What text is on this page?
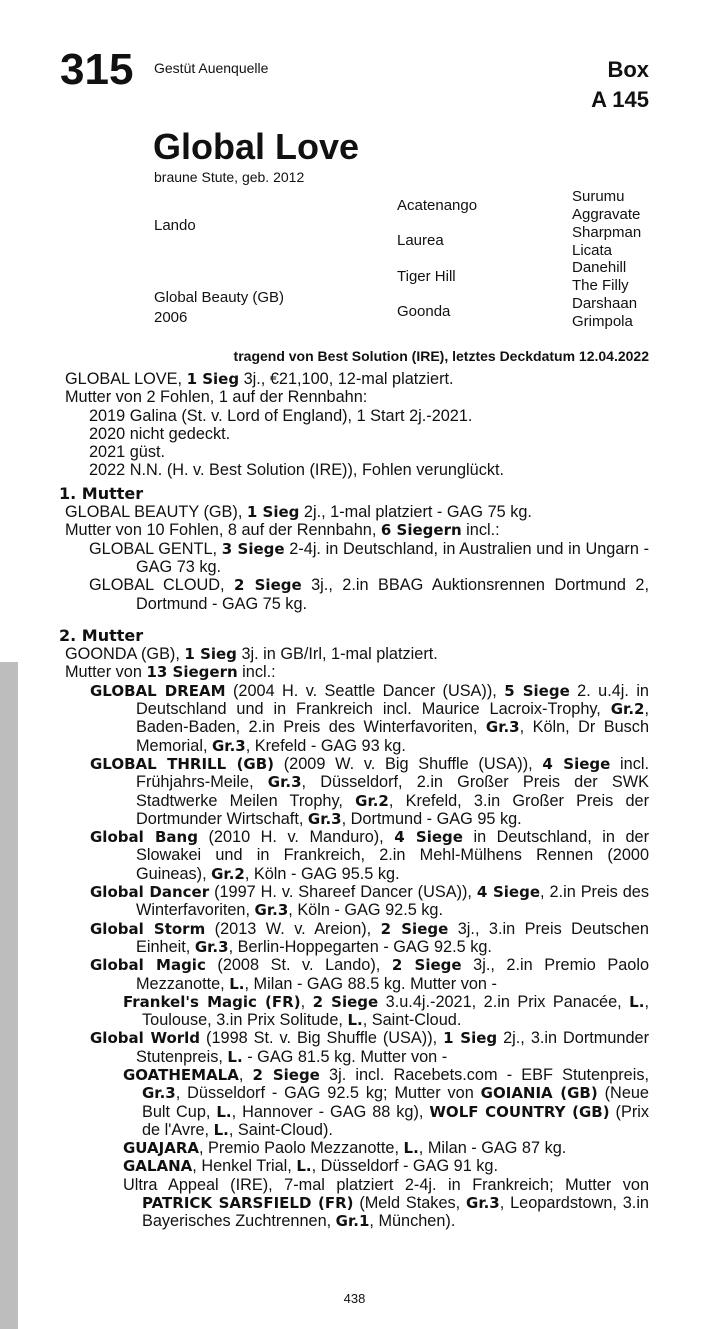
315 Gestüt Auenquelle	Box
A 145
Global Love
braune Stute, geb. 2012
Lando
Global Beauty (GB)
2006
Acatenango
Laurea
Tiger Hill
Goonda
Surumu
Aggravate
Sharpman
Licata
Danehill
The Filly
Darshaan
Grimpola
tragend von Best Solution (IRE), letztes Deckdatum 12.04.2022

GLOBAL LOVE, 1 Sieg 3j., €21,100, 12-mal platziert.

Mutter von 2 Fohlen, 1 auf der Rennbahn:

2019 Galina (St. v. Lord of England), 1 Start 2j.-2021.

2020 nicht gedeckt.

2021 güst.

2022 N.N. (H. v. Best Solution (IRE)), Fohlen verunglückt.

1. Mutter

GLOBAL BEAUTY (GB), 1 Sieg 2j., 1-mal platziert - GAG 75 kg.

Mutter von 10 Fohlen, 8 auf der Rennbahn, 6 Siegern incl.:

GLOBAL GENTL, 3 Siege 2-4j. in Deutschland, in Australien und in Ungarn - GAG 73 kg.

GLOBAL CLOUD, 2 Siege 3j., 2.in BBAG Auktionsrennen Dortmund 2, Dortmund - GAG 75 kg.

2. Mutter

GOONDA (GB), 1 Sieg 3j. in GB/Irl, 1-mal platziert.

Mutter von 13 Siegern incl.:

GLOBAL DREAM (2004 H. v. Seattle Dancer (USA)), 5 Siege 2. u.4j. in Deutschland und in Frankreich incl. Maurice Lacroix-Trophy, Gr.2, Baden-Baden, 2.in Preis des Winterfavoriten, Gr.3, Köln, Dr Busch Memorial, Gr.3, Krefeld - GAG 93 kg.

GLOBAL THRILL (GB) (2009 W. v. Big Shuffle (USA)), 4 Siege incl. Frühjahrs-Meile, Gr.3, Düsseldorf, 2.in Großer Preis der SWK Stadtwerke Meilen Trophy, Gr.2, Krefeld, 3.in Großer Preis der Dortmunder Wirtschaft, Gr.3, Dortmund - GAG 95 kg.

Global Bang (2010 H. v. Manduro), 4 Siege in Deutschland, in der Slowakei und in Frankreich, 2.in Mehl-Mülhens Rennen (2000 Guineas), Gr.2, Köln - GAG 95.5 kg.

Global Dancer (1997 H. v. Shareef Dancer (USA)), 4 Siege, 2.in Preis des Winterfavoriten, Gr.3, Köln - GAG 92.5 kg.

Global Storm (2013 W. v. Areion), 2 Siege 3j., 3.in Preis Deutschen Einheit, Gr.3, Berlin-Hoppegarten - GAG 92.5 kg.

Global Magic (2008 St. v. Lando), 2 Siege 3j., 2.in Premio Paolo Mezzanotte, L., Milan - GAG 88.5 kg. Mutter von -

Frankel's Magic (FR), 2 Siege 3.u.4j.-2021, 2.in Prix Panacée, L., Toulouse, 3.in Prix Solitude, L., Saint-Cloud.

Global World (1998 St. v. Big Shuffle (USA)), 1 Sieg 2j., 3.in Dortmunder Stutenpreis, L. - GAG 81.5 kg. Mutter von -

GOATHEMALA, 2 Siege 3j. incl. Racebets.com - EBF Stutenpreis, Gr.3, Düsseldorf - GAG 92.5 kg; Mutter von GOIANIA (GB) (Neue Bult Cup, L., Hannover - GAG 88 kg), WOLF COUNTRY (GB) (Prix de l'Avre, L., Saint-Cloud).

GUAJARA, Premio Paolo Mezzanotte, L., Milan - GAG 87 kg.

GALANA, Henkel Trial, L., Düsseldorf - GAG 91 kg.

Ultra Appeal (IRE), 7-mal platziert 2-4j. in Frankreich; Mutter von PATRICK SARSFIELD (FR) (Meld Stakes, Gr.3, Leopardstown, 3.in Bayerisches Zuchtrennen, Gr.1, München).

438
